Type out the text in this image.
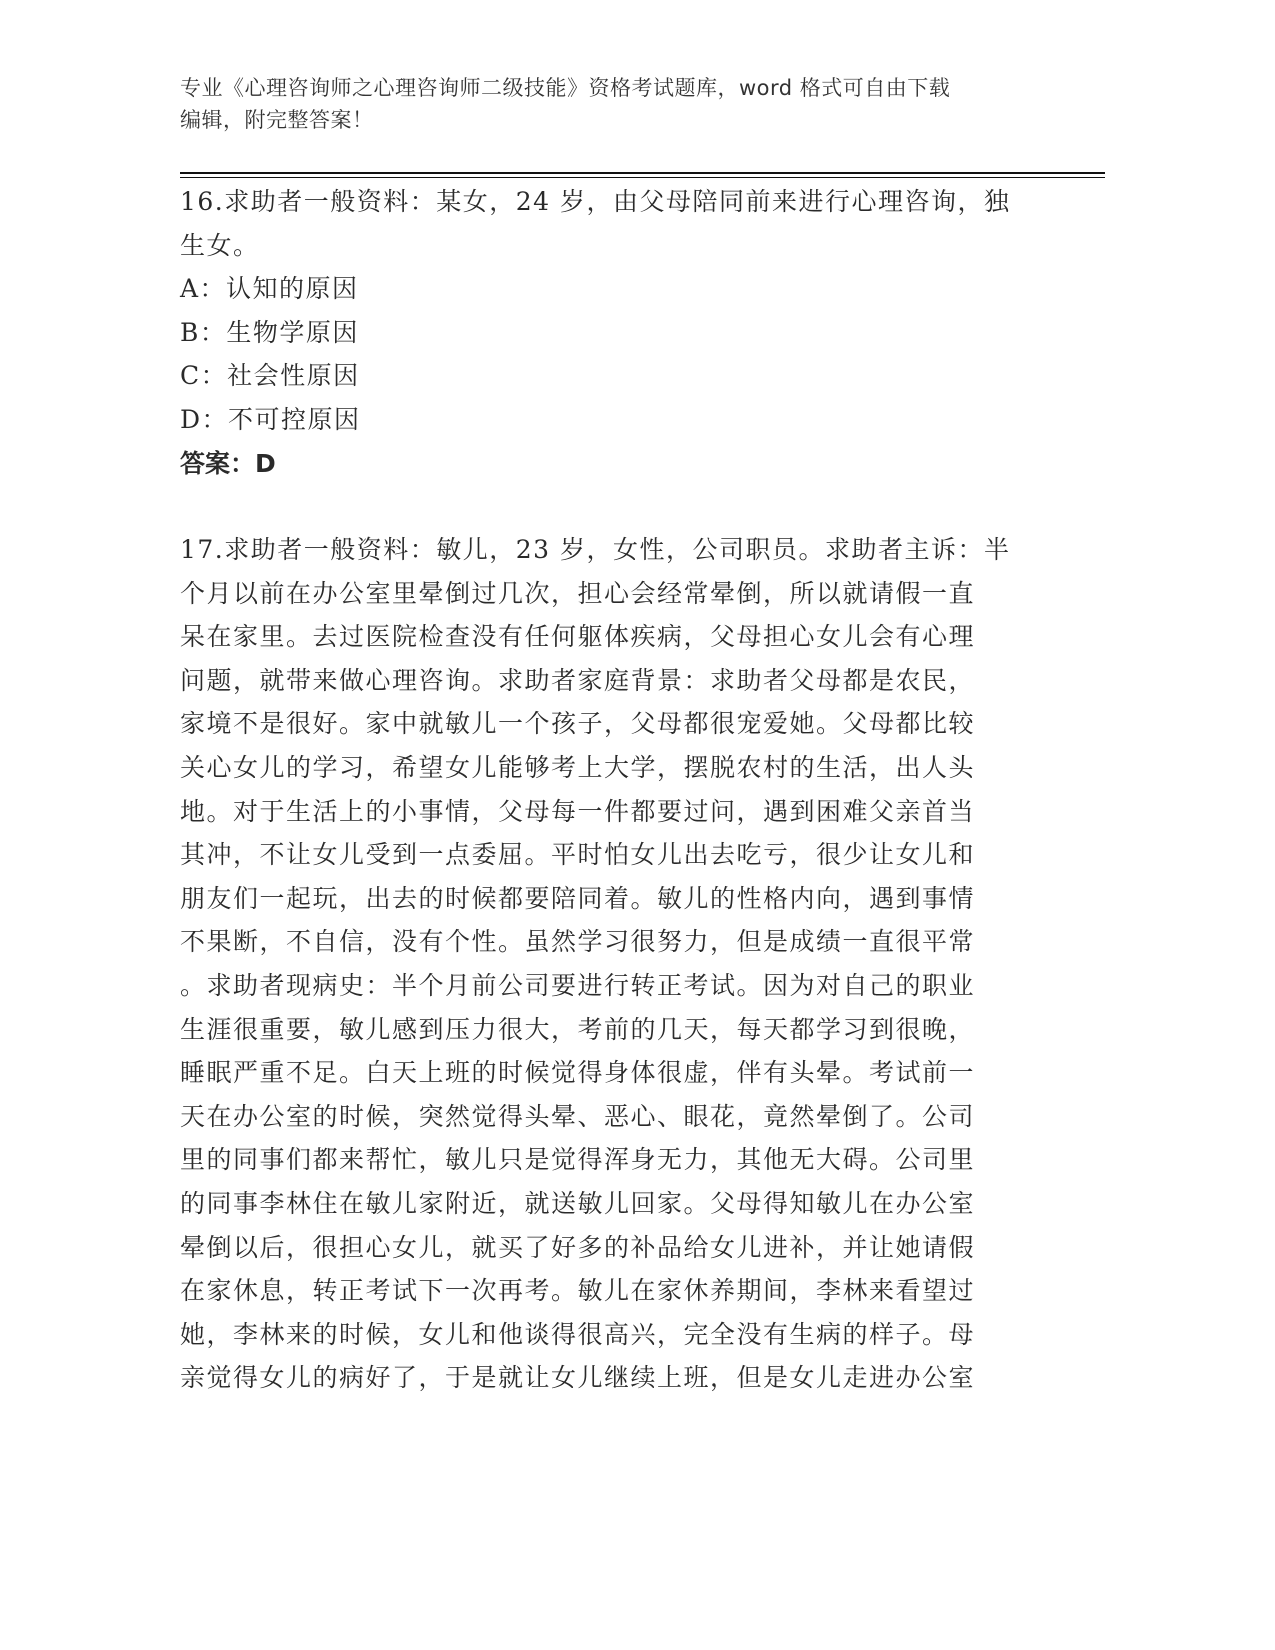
专业《心理咨询师之心理咨询师二级技能》资格考试题库，word 格式可自由下载
编辑，附完整答案！
16.求助者一般资料：某女，24 岁，由父母陪同前来进行心理咨询，独
生女。
A：认知的原因
B：生物学原因
C：社会性原因
D：不可控原因
答案：D
17.求助者一般资料：敏儿，23 岁，女性，公司职员。求助者主诉：半
个月以前在办公室里晕倒过几次，担心会经常晕倒，所以就请假一直
呆在家里。去过医院检查没有任何躯体疾病，父母担心女儿会有心理
问题，就带来做心理咨询。求助者家庭背景：求助者父母都是农民，
家境不是很好。家中就敏儿一个孩子，父母都很宠爱她。父母都比较
关心女儿的学习，希望女儿能够考上大学，摆脱农村的生活，出人头
地。对于生活上的小事情，父母每一件都要过问，遇到困难父亲首当
其冲，不让女儿受到一点委屈。平时怕女儿出去吃亏，很少让女儿和
朋友们一起玩，出去的时候都要陪同着。敏儿的性格内向，遇到事情
不果断，不自信，没有个性。虽然学习很努力，但是成绩一直很平常
。求助者现病史：半个月前公司要进行转正考试。因为对自己的职业
生涯很重要，敏儿感到压力很大，考前的几天，每天都学习到很晚，
睡眠严重不足。白天上班的时候觉得身体很虚，伴有头晕。考试前一
天在办公室的时候，突然觉得头晕、恶心、眼花，竟然晕倒了。公司
里的同事们都来帮忙，敏儿只是觉得浑身无力，其他无大碍。公司里
的同事李林住在敏儿家附近，就送敏儿回家。父母得知敏儿在办公室
晕倒以后，很担心女儿，就买了好多的补品给女儿进补，并让她请假
在家休息，转正考试下一次再考。敏儿在家休养期间，李林来看望过
她，李林来的时候，女儿和他谈得很高兴，完全没有生病的样子。母
亲觉得女儿的病好了，于是就让女儿继续上班，但是女儿走进办公室
